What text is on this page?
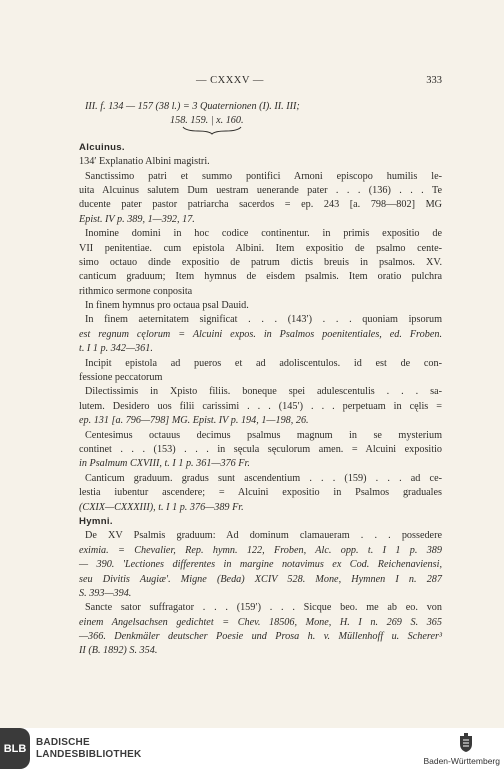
— CXXXV —	333
III. f. 134 — 157 (38 l.) = 3 Quaternionen (I). II. III;
158. 159. | x. 160.
Alcuinus.
134′ Explanatio Albini magistri.
Sanctissimo patri et summo pontifici Arnoni episcopo humilis le-
uita Alcuinus salutem Dum uestram uenerande pater . . . (136) . . . Te
ducente pater pastor patriarcha sacerdos = ep. 243 [a. 798—802] MG
Epist. IV p. 389, 1—392, 17.
Inomine domini in hoc codice continentur. in primis expositio de
VII penitentiae. cum epistola Albini. Item expositio de psalmo cente-
simo octauo dinde expositio de patrum dictis breuis in psalmos. XV.
canticum graduum; Item hymnus de eisdem psalmis. Item oratio pulchra
rithmico sermone conposita
In finem hymnus pro octaua psal Dauid.
In finem aeternitatem significat . . . (143′) . . . quoniam ipsorum
est regnum cęlorum = Alcuini expos. in Psalmos poenitentiales, ed. Froben.
t. I 1 p. 342—361.
Incipit epistola ad pueros et ad adoliscentulos. id est de con-
fessione peccatorum
Dilectissimis in Xpisto filiis. boneque spei adulescentulis . . . sa-
lutem. Desidero uos filii carissimi . . . (145′) . . . perpetuam in cęlis =
ep. 131 [a. 796—798] MG. Epist. IV p. 194, 1—198, 26.
Centesimus octauus decimus psalmus magnum in se mysterium
continet . . . (153) . . . in sęcula sęculorum amen. = Alcuini expositio
in Psalmum CXVIII, t. I 1 p. 361—376 Fr.
Canticum graduum. gradus sunt ascendentium . . . (159) . . . ad ce-
lestia iubentur ascendere; = Alcuini expositio in Psalmos graduales
(CXIX—CXXXIII), t. I 1 p. 376—389 Fr.
Hymni.
De XV Psalmis graduum: Ad dominum clamaueram . . . possedere
eximia. = Chevalier, Rep. hymn. 122, Froben, Alc. opp. t. I 1 p. 389
— 390. 'Lectiones differentes in margine notavimus ex Cod. Reichenaviensi,
seu Divitis Augiæ'. Migne (Beda) XCIV 528. Mone, Hymnen I n. 287
S. 393—394.
Sancte sator suffragator . . . (159′) . . . Sicque beo. me ab eo. von
einem Angelsachsen gedichtet = Chev. 18506, Mone, H. I n. 269 S. 365
—366. Denkmäler deutscher Poesie und Prosa h. v. Müllenhoff u. Scherer³
II (B. 1892) S. 354.
BLB BADISCHE
LANDESBIBLIOTHEK
Baden-Württemberg
